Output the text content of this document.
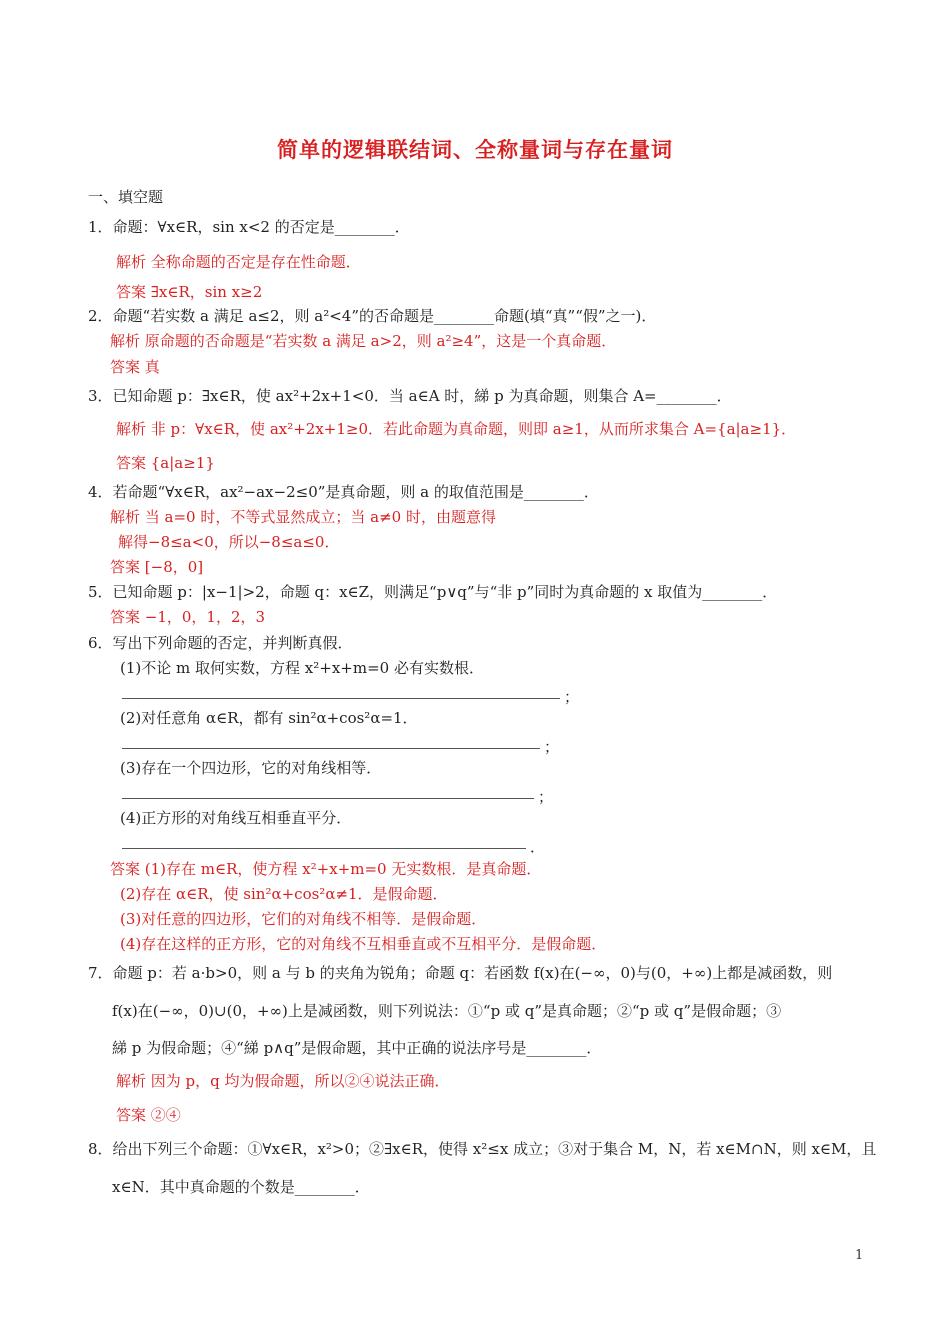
简单的逻辑联结词、全称量词与存在量词
一、填空题
1．命题：∀x∈R，sin x<2 的否定是________．
解析 全称命题的否定是存在性命题．
答案 ∃x∈R，sin x≥2
2．命题“若实数 a 满足 a≤2，则 a²<4”的否命题是________命题(填“真”“假”之一)．
解析 原命题的否命题是“若实数 a 满足 a>2，则 a²≥4”，这是一个真命题．
答案 真
3．已知命题 p：∃x∈R，使 ax²+2x+1<0．当 a∈A 时，綈 p 为真命题，则集合 A=________．
解析 非 p：∀x∈R，使 ax²+2x+1≥0．若此命题为真命题，则即 a≥1，从而所求集合 A={a|a≥1}．
答案 {a|a≥1}
4．若命题“∀x∈R，ax²−ax−2≤0”是真命题，则 a 的取值范围是________．
解析 当 a=0 时，不等式显然成立；当 a≠0 时，由题意得
解得−8≤a<0，所以−8≤a≤0．
答案 [−8，0]
5．已知命题 p：|x−1|>2，命题 q：x∈Z，则满足“p∨q”与“非 p”同时为真命题的 x 取值为________．
答案 −1，0，1，2，3
6．写出下列命题的否定，并判断真假．
(1)不论 m 取何实数，方程 x²+x+m=0 必有实数根．
(2)对任意角 α∈R，都有 sin²α+cos²α=1．
(3)存在一个四边形，它的对角线相等．
(4)正方形的对角线互相垂直平分．
答案 (1)存在 m∈R，使方程 x²+x+m=0 无实数根．是真命题．
(2)存在 α∈R，使 sin²α+cos²α≠1．是假命题．
(3)对任意的四边形，它们的对角线不相等．是假命题．
(4)存在这样的正方形，它的对角线不互相垂直或不互相平分．是假命题．
7．命题 p：若 a·b>0，则 a 与 b 的夹角为锐角；命题 q：若函数 f(x)在(−∞，0)与(0，+∞)上都是减函数，则
f(x)在(−∞，0)∪(0，+∞)上是减函数，则下列说法：①“p 或 q”是真命题；②“p 或 q”是假命题；③
綈 p 为假命题；④“綈 p∧q”是假命题，其中正确的说法序号是________．
解析 因为 p，q 均为假命题，所以②④说法正确．
答案 ②④
8．给出下列三个命题：①∀x∈R，x²>0；②∃x∈R，使得 x²≤x 成立；③对于集合 M，N，若 x∈M∩N，则 x∈M，且
x∈N．其中真命题的个数是________．
；
；
；
．
1
